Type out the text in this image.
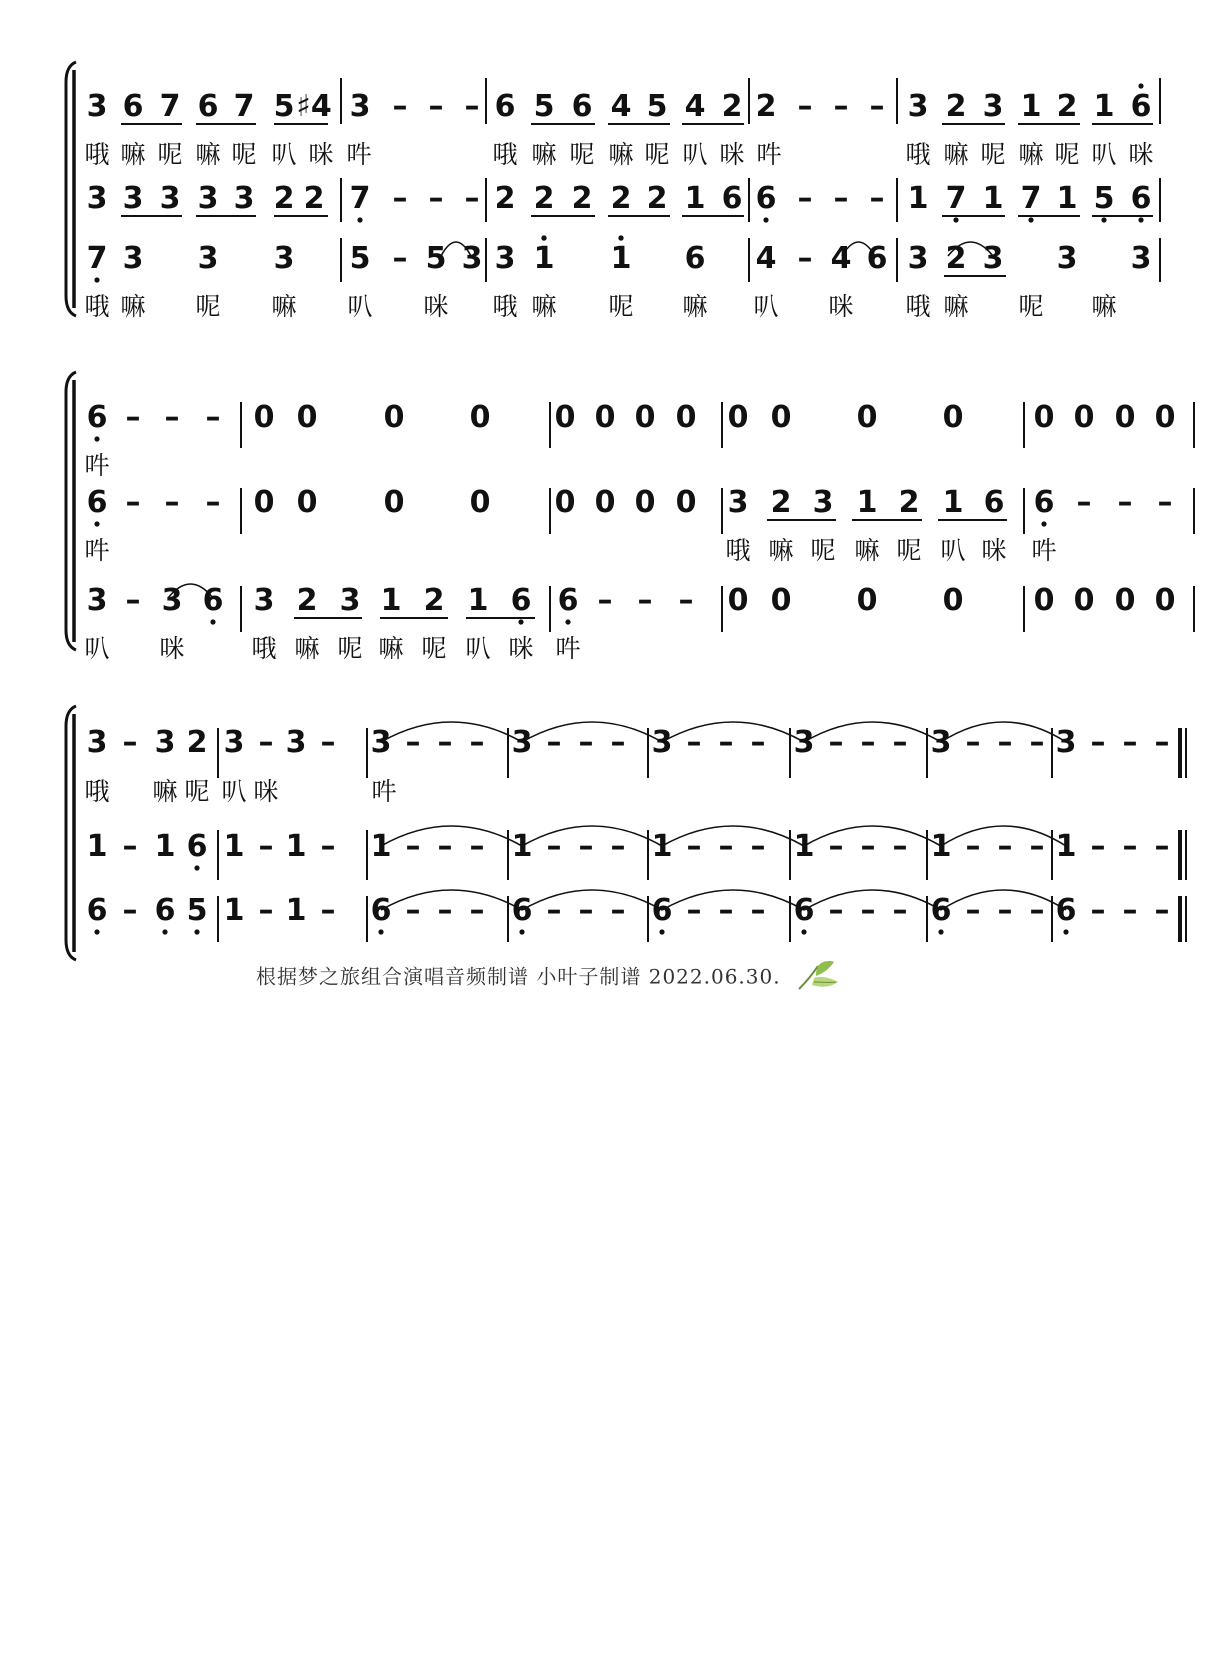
3 6 7 6 7 5 ♯4 3 – – – 6 5 6 4 5 4 2 2 – – – 3 2 3 1 2 1 6
哦 嘛 呢 嘛 呢 叭 咪 吽	哦 嘛 呢 嘛 呢 叭 咪 吽	哦 嘛 呢 嘛 呢 叭 咪
3 3 3 3 3 2 2 7 – – – 2 2 2 2 2 1 6 6 – – – 1 7 1 7 1 5 6
7 3 3 3 5 – 5 3 3 1 1 6 4 – 4 6 3 2 3 3 3
哦 嘛 呢 嘛 叭 咪 哦 嘛 呢 嘛 叭 咪 哦 嘛 呢 嘛
6 – – – 0 0 0 0 0 0 0 0 0 0 0 0 0 0 0 0
吽
6 – – – 0 0 0 0 0 0 0 0 3 2 3 1 2 1 6 6 – – –
吽	哦 嘛 呢 嘛 呢 叭 咪 吽
3 – 3 6 3 2 3 1 2 1 6 6 – – – 0 0 0 0 0 0 0 0
叭 咪	哦 嘛 呢 嘛 呢 叭 咪 吽
3 – 3 2 3 – 3 – 3 – – – 3 – – – 3 – – – 3 – – – 3 – – – 3 – – –
哦 嘛 呢 叭 咪	吽
1 – 1 6 1 – 1 – 1 – – – 1 – – – 1 – – – 1 – – – 1 – – – 1 – – –
6 – 6 5 1 – 1 – 6 – – – 6 – – – 6 – – – 6 – – – 6 – – – 6 – – –
根据梦之旅组合演唱音频制谱 小叶子制谱 2022.06.30.
